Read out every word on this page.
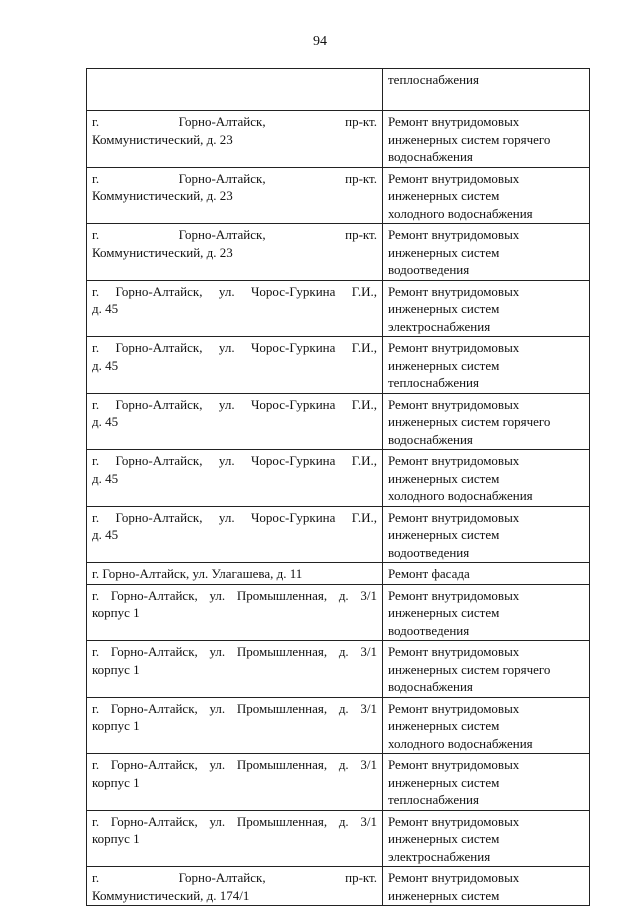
94

	теплоснабжения

г. Горно-Алтайск, пр-кт.
Коммунистический, д. 23	Ремонт внутридомовых
инженерных систем горячего
водоснабжения

г. Горно-Алтайск, пр-кт.
Коммунистический, д. 23	Ремонт внутридомовых
инженерных систем
холодного водоснабжения

г. Горно-Алтайск, пр-кт.
Коммунистический, д. 23	Ремонт внутридомовых
инженерных систем
водоотведения

г. Горно-Алтайск, ул. Чорос-Гуркина Г.И.,
д. 45	Ремонт внутридомовых
инженерных систем
электроснабжения

г. Горно-Алтайск, ул. Чорос-Гуркина Г.И.,
д. 45	Ремонт внутридомовых
инженерных систем
теплоснабжения

г. Горно-Алтайск, ул. Чорос-Гуркина Г.И.,
д. 45	Ремонт внутридомовых
инженерных систем горячего
водоснабжения

г. Горно-Алтайск, ул. Чорос-Гуркина Г.И.,
д. 45	Ремонт внутридомовых
инженерных систем
холодного водоснабжения

г. Горно-Алтайск, ул. Чорос-Гуркина Г.И.,
д. 45	Ремонт внутридомовых
инженерных систем
водоотведения

г. Горно-Алтайск, ул. Улагашева, д. 11	Ремонт фасада

г. Горно-Алтайск, ул. Промышленная, д. 3/1
корпус 1	Ремонт внутридомовых
инженерных систем
водоотведения

г. Горно-Алтайск, ул. Промышленная, д. 3/1
корпус 1	Ремонт внутридомовых
инженерных систем горячего
водоснабжения

г. Горно-Алтайск, ул. Промышленная, д. 3/1
корпус 1	Ремонт внутридомовых
инженерных систем
холодного водоснабжения

г. Горно-Алтайск, ул. Промышленная, д. 3/1
корпус 1	Ремонт внутридомовых
инженерных систем
теплоснабжения

г. Горно-Алтайск, ул. Промышленная, д. 3/1
корпус 1	Ремонт внутридомовых
инженерных систем
электроснабжения

г. Горно-Алтайск, пр-кт.
Коммунистический, д. 174/1	Ремонт внутридомовых
инженерных систем
